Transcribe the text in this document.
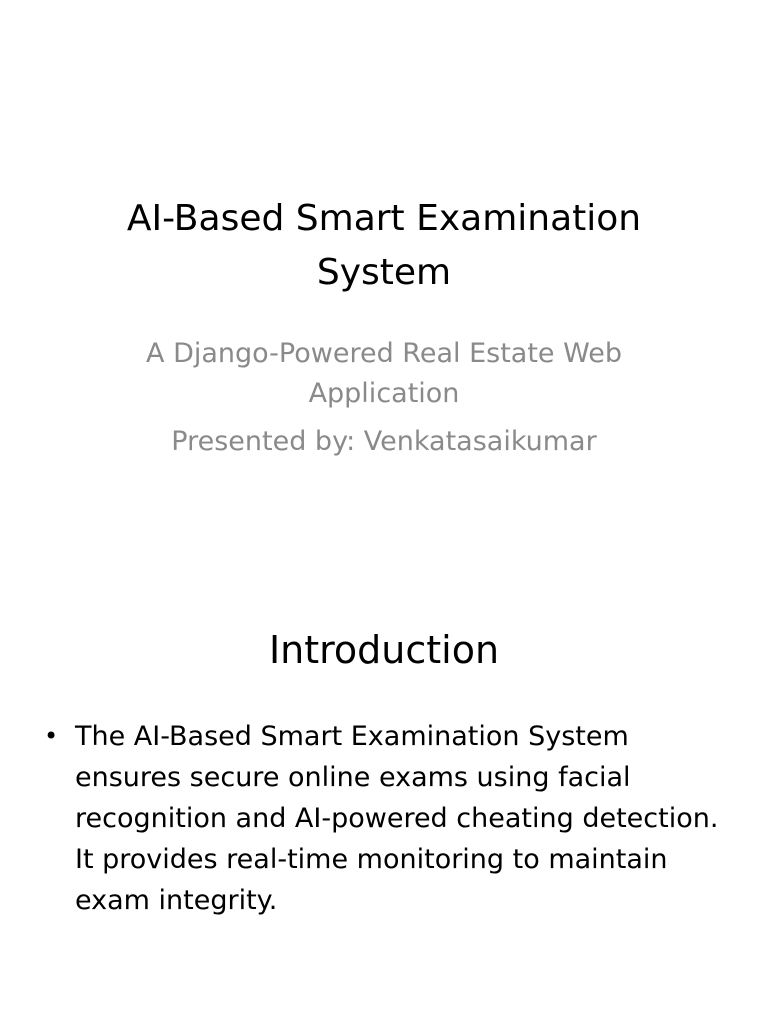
AI-Based Smart Examination
System
A Django-Powered Real Estate Web
Application
Presented by: Venkatasaikumar
Introduction
• The AI-Based Smart Examination System ensures secure online exams using facial recognition and AI-powered cheating detection. It provides real-time monitoring to maintain exam integrity.
